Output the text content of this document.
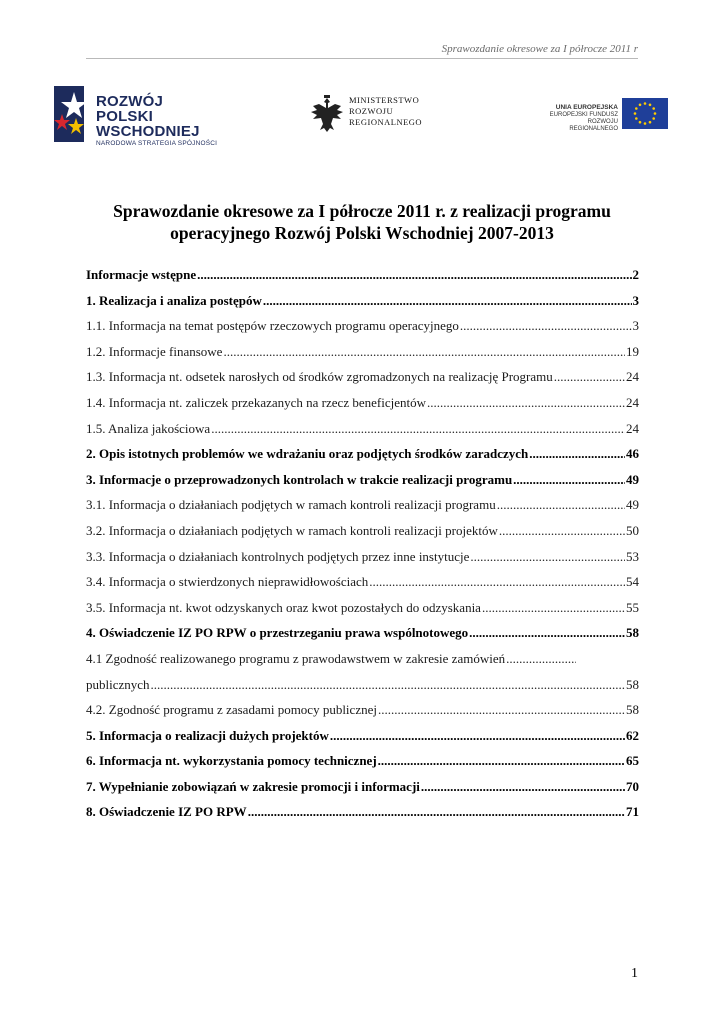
Sprawozdanie okresowe za I półrocze 2011 r
ROZWÓJ
POLSKI WSCHODNIEJ
NARODOWA STRATEGIA SPÓJNOŚCI
MINISTERSTWO
ROZWOJU
REGIONALNEGO
UNIA EUROPEJSKA
EUROPEJSKI FUNDUSZ
ROZWOJU REGIONALNEGO
Sprawozdanie okresowe za I półrocze 2011 r. z realizacji programu
operacyjnego Rozwój Polski Wschodniej 2007-2013
Informacje wstępne .....	2
1. Realizacja i analiza postępów .....	3
1.1. Informacja na temat postępów rzeczowych programu operacyjnego .....	3
1.2. Informacje finansowe .....	19
1.3. Informacja nt. odsetek narosłych od środków zgromadzonych na realizację Programu .....	24
1.4. Informacja nt. zaliczek przekazanych na rzecz beneficjentów .....	24
1.5. Analiza jakościowa .....	24
2. Opis istotnych problemów we wdrażaniu oraz podjętych środków zaradczych .....	46
3. Informacje o przeprowadzonych kontrolach w trakcie realizacji programu .....	49
3.1. Informacja o działaniach podjętych w ramach kontroli realizacji programu .....	49
3.2. Informacja o działaniach podjętych w ramach kontroli realizacji projektów .....	50
3.3. Informacja o działaniach kontrolnych podjętych przez inne instytucje .....	53
3.4. Informacja o stwierdzonych nieprawidłowościach .....	54
3.5. Informacja nt. kwot odzyskanych oraz kwot pozostałych do odzyskania .....	55
4. Oświadczenie IZ PO RPW o przestrzeganiu prawa wspólnotowego .....	58
4.1 Zgodność realizowanego programu z prawodawstwem w zakresie zamówień
.....
publicznych .....	58
4.2. Zgodność programu z zasadami pomocy publicznej .....	58
5. Informacja o realizacji dużych projektów .....	62
6. Informacja nt. wykorzystania pomocy technicznej .....	65
7. Wypełnianie zobowiązań w zakresie promocji i informacji .....	70
8. Oświadczenie IZ PO RPW .....	71
1
